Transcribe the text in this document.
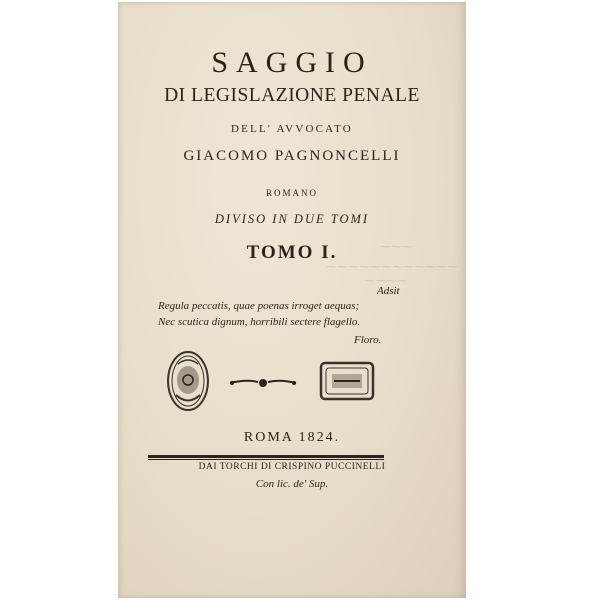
SAGGIO
DI LEGISLAZIONE PENALE
DELL' AVVOCATO
GIACOMO PAGNONCELLI
ROMANO
DIVISO IN DUE TOMI
TOMO I.	⁓⁓⁓
⁓⁓⁓⁓⁓⁓⁓⁓⁓⁓⁓⁓
⁓⁓⁓⁓
Adsit
Regula peccatis, quae poenas irroget aequas;
Nec scutica dignum, horribili sectere flagello.
Floro.
ROMA 1824.
DAI TORCHI DI CRISPINO PUCCINELLI
Con lic. de' Sup.
